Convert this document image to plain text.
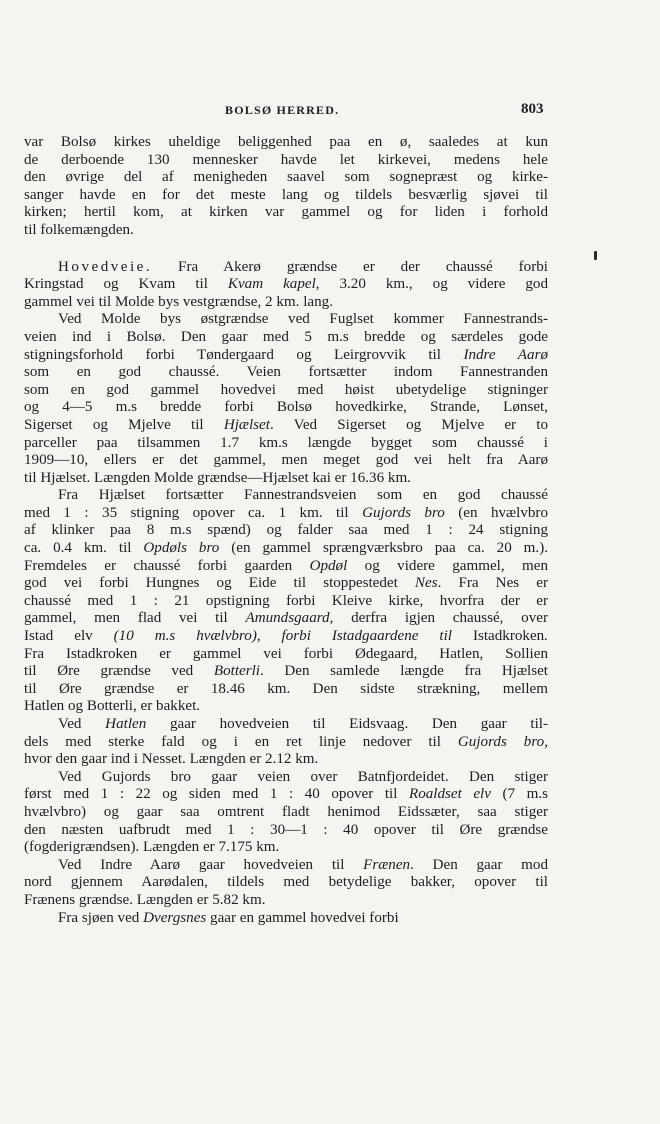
BOLSØ HERRED.	803
var Bolsø kirkes uheldige beliggenhed paa en ø, saaledes at kun
de derboende 130 mennesker havde let kirkevei, medens hele
den øvrige del af menigheden saavel som sognepræst og kirke-
sanger havde en for det meste lang og tildels besværlig sjøvei til
kirken; hertil kom, at kirken var gammel og for liden i forhold
til folkemængden.
Hovedveie. Fra Akerø grændse er der chaussé forbi
Kringstad og Kvam til Kvam kapel, 3.20 km., og videre god
gammel vei til Molde bys vestgrændse, 2 km. lang.
Ved Molde bys østgrændse ved Fuglset kommer Fannestrands-
veien ind i Bolsø. Den gaar med 5 m.s bredde og særdeles gode
stigningsforhold forbi Tøndergaard og Leirgrovvik til Indre Aarø
som en god chaussé. Veien fortsætter indom Fannestranden
som en god gammel hovedvei med høist ubetydelige stigninger
og 4—5 m.s bredde forbi Bolsø hovedkirke, Strande, Lønset,
Sigerset og Mjelve til Hjælset. Ved Sigerset og Mjelve er to
parceller paa tilsammen 1.7 km.s længde bygget som chaussé i
1909—10, ellers er det gammel, men meget god vei helt fra Aarø
til Hjælset. Længden Molde grændse—Hjælset kai er 16.36 km.
Fra Hjælset fortsætter Fannestrandsveien som en god chaussé
med 1 : 35 stigning opover ca. 1 km. til Gujords bro (en hvælvbro
af klinker paa 8 m.s spænd) og falder saa med 1 : 24 stigning
ca. 0.4 km. til Opdøls bro (en gammel sprængværksbro paa ca. 20 m.).
Fremdeles er chaussé forbi gaarden Opdøl og videre gammel, men
god vei forbi Hungnes og Eide til stoppestedet Nes. Fra Nes er
chaussé med 1 : 21 opstigning forbi Kleive kirke, hvorfra der er
gammel, men flad vei til Amundsgaard, derfra igjen chaussé, over
Istad elv (10 m.s hvælvbro), forbi Istadgaardene til Istadkroken.
Fra Istadkroken er gammel vei forbi Ødegaard, Hatlen, Sollien
til Øre grændse ved Botterli. Den samlede længde fra Hjælset
til Øre grændse er 18.46 km. Den sidste strækning, mellem
Hatlen og Botterli, er bakket.
Ved Hatlen gaar hovedveien til Eidsvaag. Den gaar til-
dels med sterke fald og i en ret linje nedover til Gujords bro,
hvor den gaar ind i Nesset. Længden er 2.12 km.
Ved Gujords bro gaar veien over Batnfjordeidet. Den stiger
først med 1 : 22 og siden med 1 : 40 opover til Roaldset elv (7 m.s
hvælvbro) og gaar saa omtrent fladt henimod Eidssæter, saa stiger
den næsten uafbrudt med 1 : 30—1 : 40 opover til Øre grændse
(fogderigrændsen). Længden er 7.175 km.
Ved Indre Aarø gaar hovedveien til Frænen. Den gaar mod
nord gjennem Aarødalen, tildels med betydelige bakker, opover til
Frænens grændse. Længden er 5.82 km.
Fra sjøen ved Dvergsnes gaar en gammel hovedvei forbi
